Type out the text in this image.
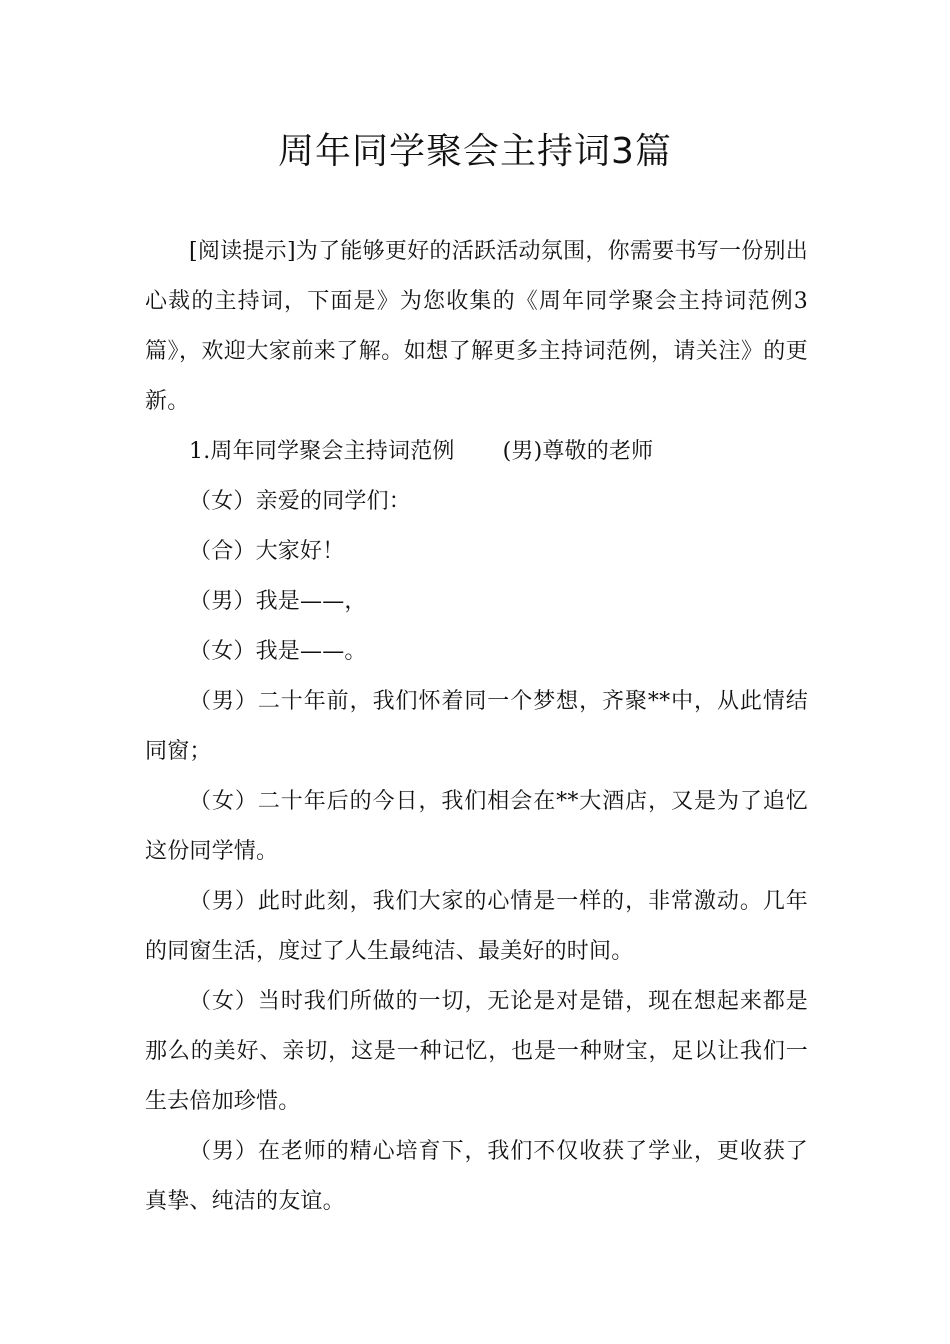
周年同学聚会主持词3篇

[阅读提示]为了能够更好的活跃活动氛围，你需要书写一份别出心裁的主持词，下面是》为您收集的《周年同学聚会主持词范例3篇》，欢迎大家前来了解。如想了解更多主持词范例，请关注》的更新。

1.周年同学聚会主持词范例 (男)尊敬的老师

（女）亲爱的同学们：

（合）大家好！

（男）我是——，

（女）我是——。

（男）二十年前，我们怀着同一个梦想，齐聚**中，从此情结同窗；

（女）二十年后的今日，我们相会在**大酒店，又是为了追忆这份同学情。

（男）此时此刻，我们大家的心情是一样的，非常激动。几年的同窗生活，度过了人生最纯洁、最美好的时间。

（女）当时我们所做的一切，无论是对是错，现在想起来都是那么的美好、亲切，这是一种记忆，也是一种财宝，足以让我们一生去倍加珍惜。

（男）在老师的精心培育下，我们不仅收获了学业，更收获了真挚、纯洁的友谊。
